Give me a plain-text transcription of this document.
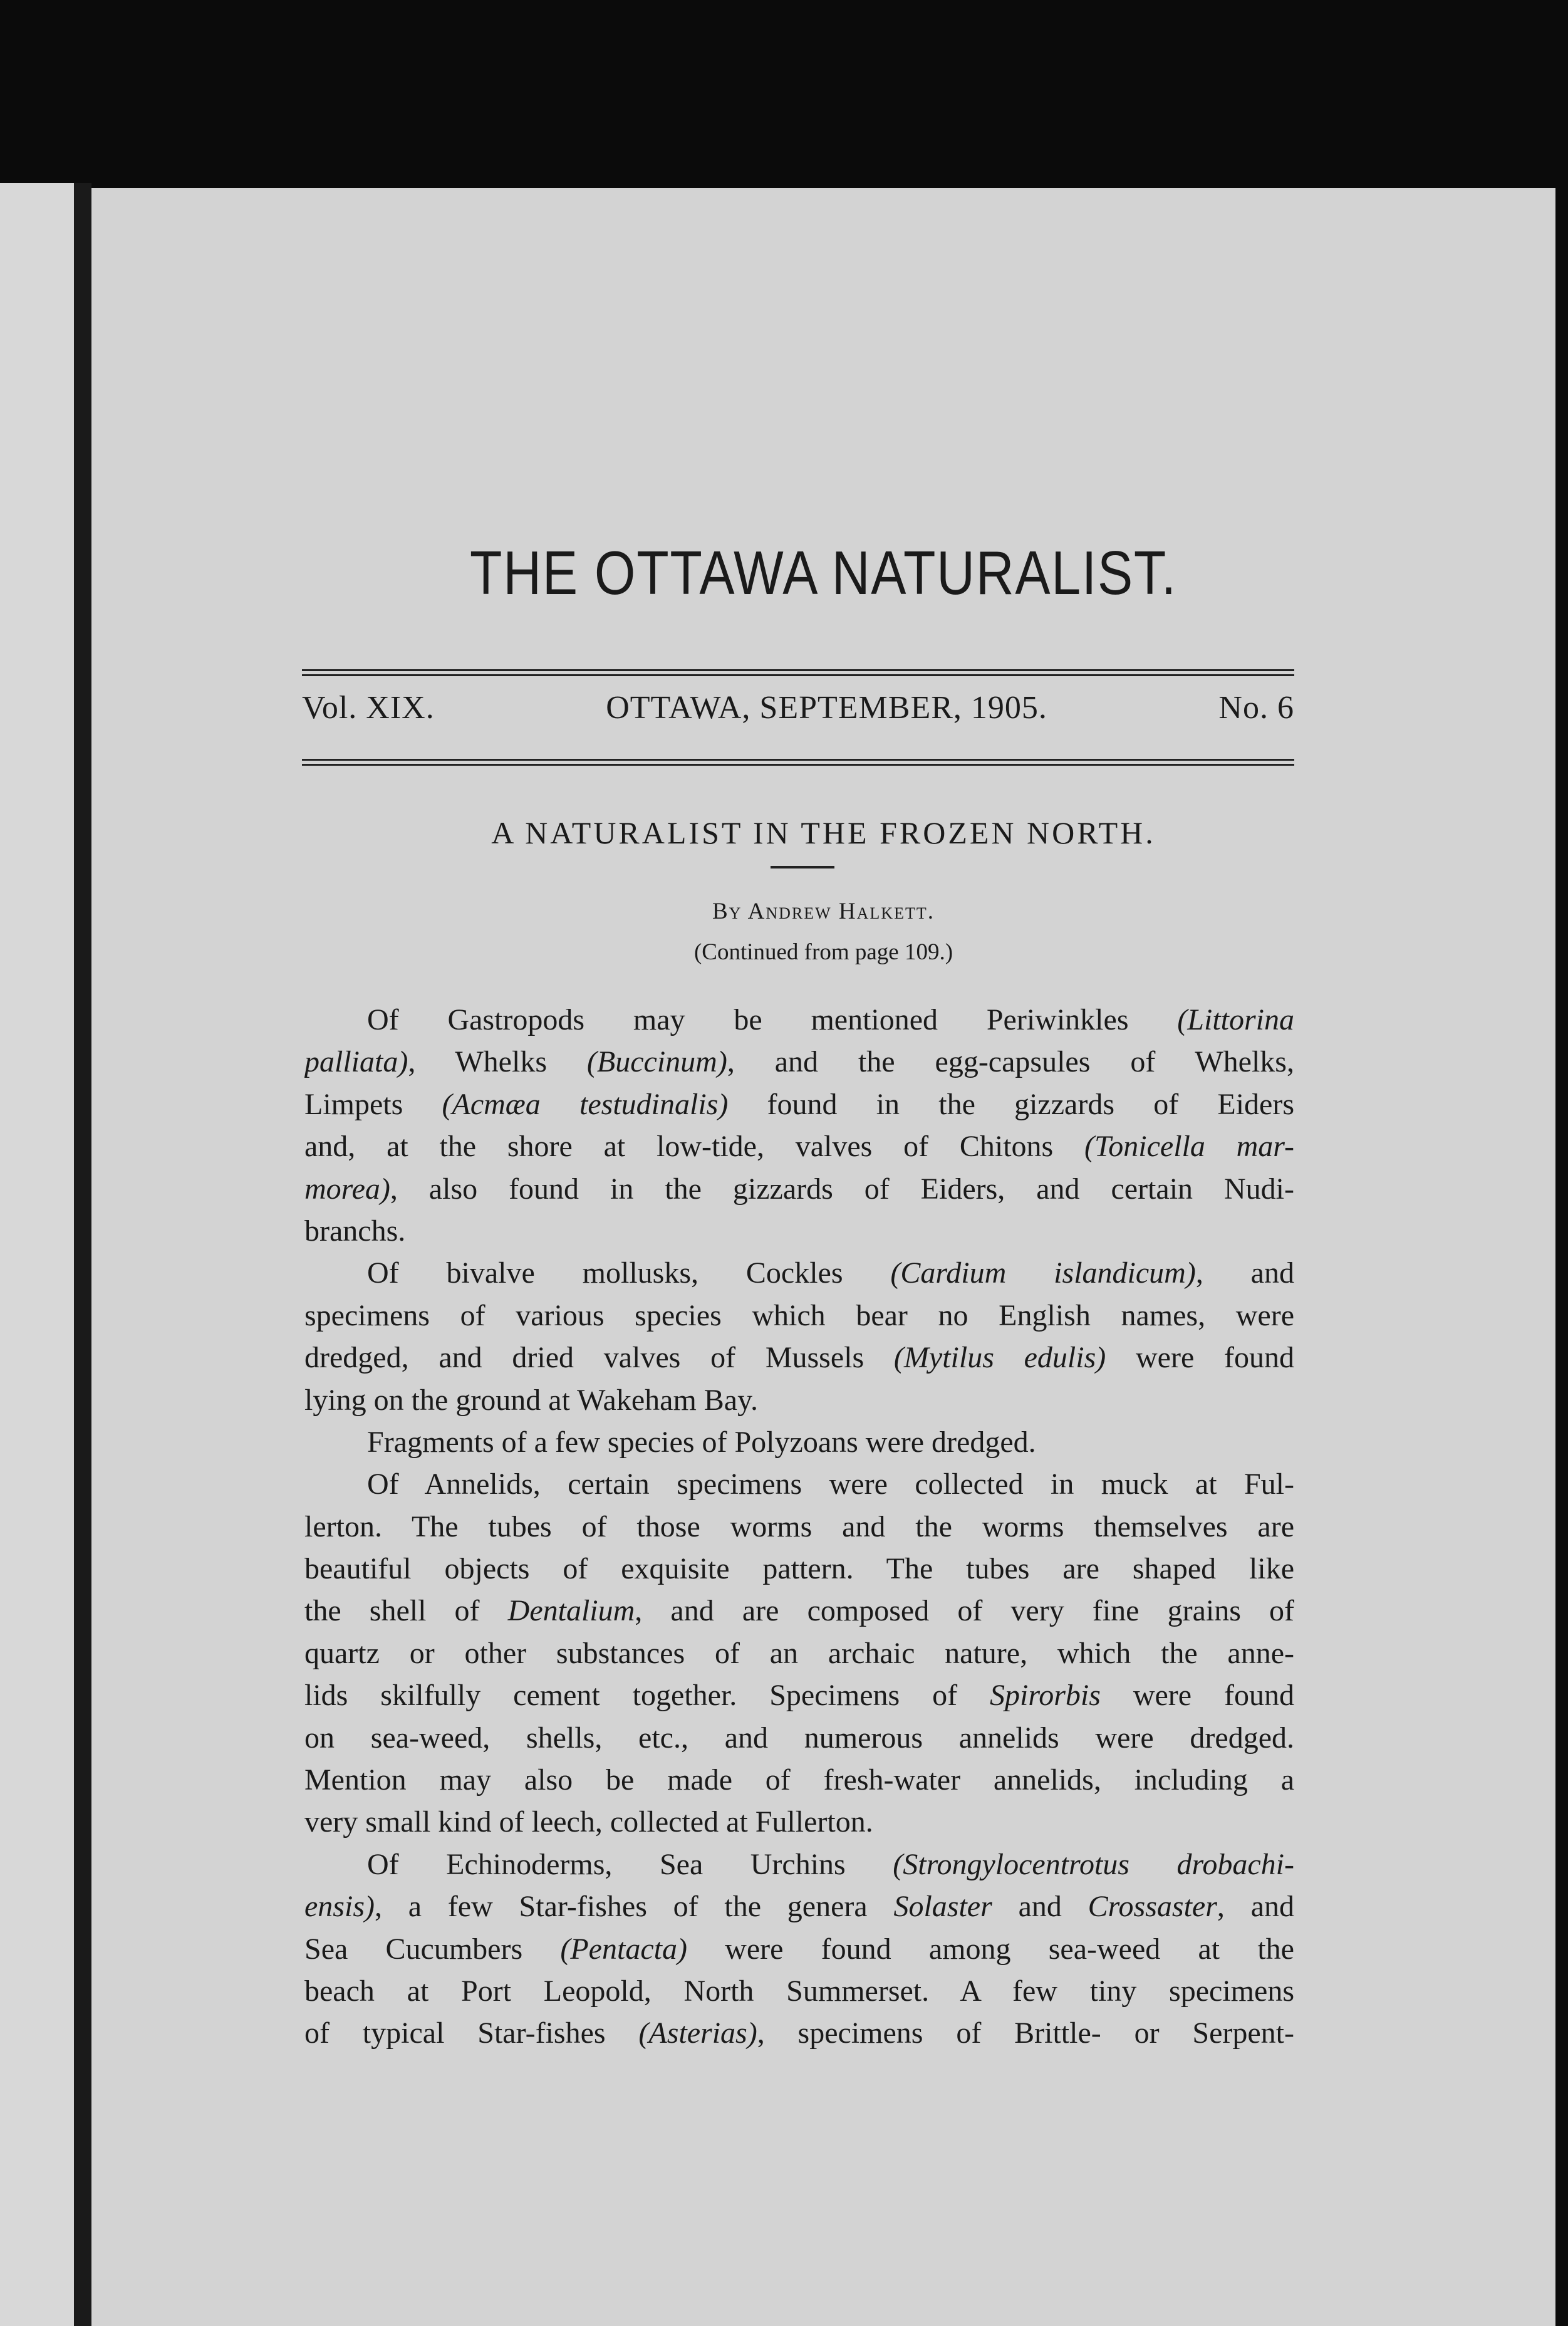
THE OTTAWA NATURALIST.
Vol. XIX.	OTTAWA, SEPTEMBER, 1905.	No. 6
A NATURALIST IN THE FROZEN NORTH.
By Andrew Halkett.
(Continued from page 109.)
Of Gastropods may be mentioned Periwinkles (Littorina
palliata), Whelks (Buccinum), and the egg-capsules of Whelks,
Limpets (Acmæa testudinalis) found in the gizzards of Eiders
and, at the shore at low-tide, valves of Chitons (Tonicella mar-
morea), also found in the gizzards of Eiders, and certain Nudi-
branchs.
Of bivalve mollusks, Cockles (Cardium islandicum), and
specimens of various species which bear no English names, were
dredged, and dried valves of Mussels (Mytilus edulis) were found
lying on the ground at Wakeham Bay.
Fragments of a few species of Polyzoans were dredged.
Of Annelids, certain specimens were collected in muck at Ful-
lerton. The tubes of those worms and the worms themselves are
beautiful objects of exquisite pattern. The tubes are shaped like
the shell of Dentalium, and are composed of very fine grains of
quartz or other substances of an archaic nature, which the anne-
lids skilfully cement together. Specimens of Spirorbis were found
on sea-weed, shells, etc., and numerous annelids were dredged.
Mention may also be made of fresh-water annelids, including a
very small kind of leech, collected at Fullerton.
Of Echinoderms, Sea Urchins (Strongylocentrotus drobachi-
ensis), a few Star-fishes of the genera Solaster and Crossaster, and
Sea Cucumbers (Pentacta) were found among sea-weed at the
beach at Port Leopold, North Summerset. A few tiny specimens
of typical Star-fishes (Asterias), specimens of Brittle- or Serpent-
